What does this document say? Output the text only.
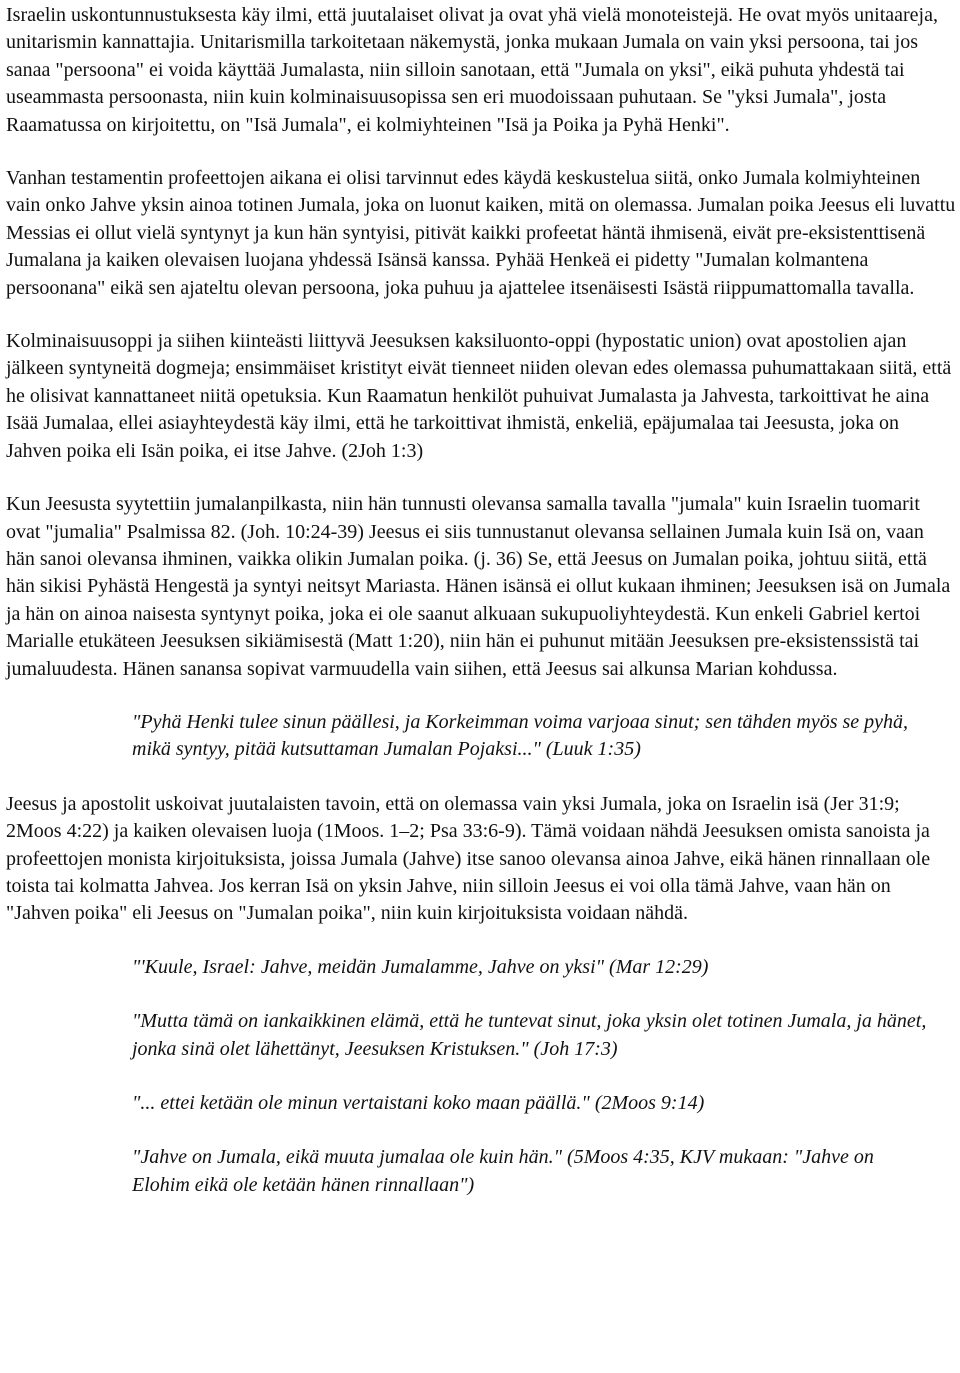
Israelin uskontunnustuksesta käy ilmi, että juutalaiset olivat ja ovat yhä vielä monoteistejä. He ovat myös unitaareja, unitarismin kannattajia. Unitarismilla tarkoitetaan näkemystä, jonka mukaan Jumala on vain yksi persoona, tai jos sanaa "persoona" ei voida käyttää Jumalasta, niin silloin sanotaan, että "Jumala on yksi", eikä puhuta yhdestä tai useammasta persoonasta, niin kuin kolminaisuusopissa sen eri muodoissaan puhutaan. Se "yksi Jumala", josta Raamatussa on kirjoitettu, on "Isä Jumala", ei kolmiyhteinen "Isä ja Poika ja Pyhä Henki".

Vanhan testamentin profeettojen aikana ei olisi tarvinnut edes käydä keskustelua siitä, onko Jumala kolmiyhteinen vain onko Jahve yksin ainoa totinen Jumala, joka on luonut kaiken, mitä on olemassa. Jumalan poika Jeesus eli luvattu Messias ei ollut vielä syntynyt ja kun hän syntyisi, pitivät kaikki profeetat häntä ihmisenä, eivät pre-eksistenttisenä Jumalana ja kaiken olevaisen luojana yhdessä Isänsä kanssa. Pyhää Henkeä ei pidetty "Jumalan kolmantena persoonana" eikä sen ajateltu olevan persoona, joka puhuu ja ajattelee itsenäisesti Isästä riippumattomalla tavalla.

Kolminaisuusoppi ja siihen kiinteästi liittyvä Jeesuksen kaksiluonto-oppi (hypostatic union) ovat apostolien ajan jälkeen syntyneitä dogmeja; ensimmäiset kristityt eivät tienneet niiden olevan edes olemassa puhumattakaan siitä, että he olisivat kannattaneet niitä opetuksia. Kun Raamatun henkilöt puhuivat Jumalasta ja Jahvesta, tarkoittivat he aina Isää Jumalaa, ellei asiayhteydestä käy ilmi, että he tarkoittivat ihmistä, enkeliä, epäjumalaa tai Jeesusta, joka on Jahven poika eli Isän poika, ei itse Jahve. (2Joh 1:3)

Kun Jeesusta syytettiin jumalanpilkasta, niin hän tunnusti olevansa samalla tavalla "jumala" kuin Israelin tuomarit ovat "jumalia" Psalmissa 82. (Joh. 10:24-39) Jeesus ei siis tunnustanut olevansa sellainen Jumala kuin Isä on, vaan hän sanoi olevansa ihminen, vaikka olikin Jumalan poika. (j. 36) Se, että Jeesus on Jumalan poika, johtuu siitä, että hän sikisi Pyhästä Hengestä ja syntyi neitsyt Mariasta. Hänen isänsä ei ollut kukaan ihminen; Jeesuksen isä on Jumala ja hän on ainoa naisesta syntynyt poika, joka ei ole saanut alkuaan sukupuoliyhteydestä. Kun enkeli Gabriel kertoi Marialle etukäteen Jeesuksen sikiämisestä (Matt 1:20), niin hän ei puhunut mitään Jeesuksen pre-eksistenssistä tai jumaluudesta. Hänen sanansa sopivat varmuudella vain siihen, että Jeesus sai alkunsa Marian kohdussa.

"Pyhä Henki tulee sinun päällesi, ja Korkeimman voima varjoaa sinut; sen tähden myös se pyhä, mikä syntyy, pitää kutsuttaman Jumalan Pojaksi..." (Luuk 1:35)

Jeesus ja apostolit uskoivat juutalaisten tavoin, että on olemassa vain yksi Jumala, joka on Israelin isä (Jer 31:9; 2Moos 4:22) ja kaiken olevaisen luoja (1Moos. 1–2; Psa 33:6-9). Tämä voidaan nähdä Jeesuksen omista sanoista ja profeettojen monista kirjoituksista, joissa Jumala (Jahve) itse sanoo olevansa ainoa Jahve, eikä hänen rinnallaan ole toista tai kolmatta Jahvea. Jos kerran Isä on yksin Jahve, niin silloin Jeesus ei voi olla tämä Jahve, vaan hän on "Jahven poika" eli Jeesus on "Jumalan poika", niin kuin kirjoituksista voidaan nähdä.

"'Kuule, Israel: Jahve, meidän Jumalamme, Jahve on yksi" (Mar 12:29)

"Mutta tämä on iankaikkinen elämä, että he tuntevat sinut, joka yksin olet totinen Jumala, ja hänet, jonka sinä olet lähettänyt, Jeesuksen Kristuksen." (Joh 17:3)

"... ettei ketään ole minun vertaistani koko maan päällä." (2Moos 9:14)

"Jahve on Jumala, eikä muuta jumalaa ole kuin hän." (5Moos 4:35, KJV mukaan: "Jahve on Elohim eikä ole ketään hänen rinnallaan")
